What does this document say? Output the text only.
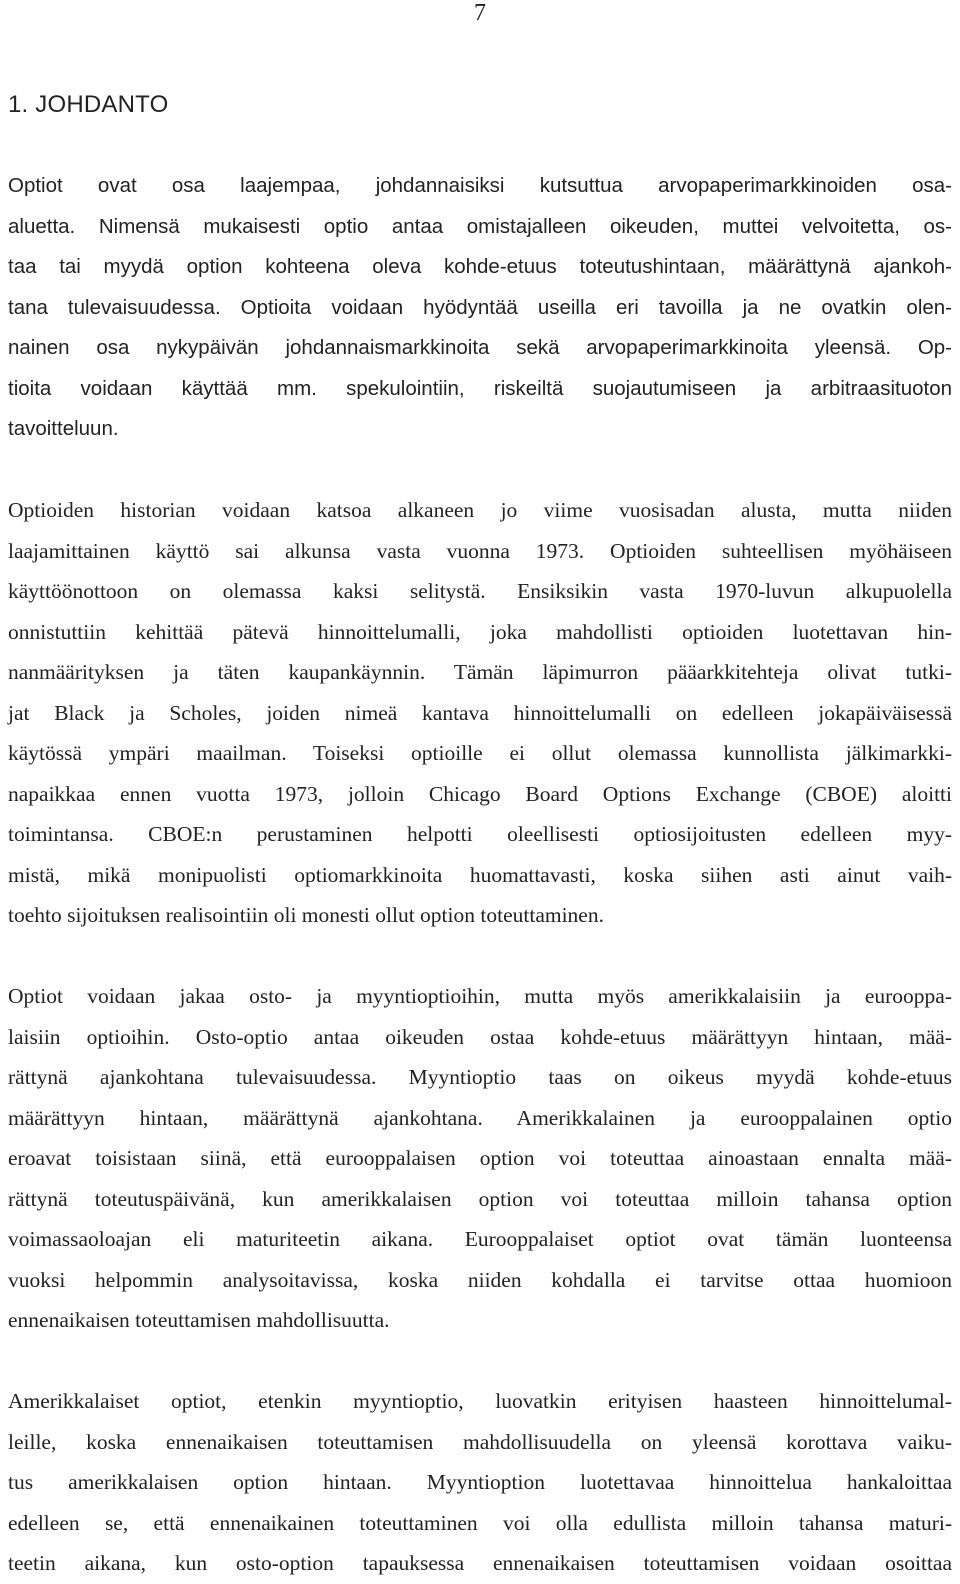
7
1. JOHDANTO
Optiot ovat osa laajempaa, johdannaisiksi kutsuttua arvopaperimarkkinoiden osa-
aluetta. Nimensä mukaisesti optio antaa omistajalleen oikeuden, muttei velvoitetta, os-
taa tai myydä option kohteena oleva kohde-etuus toteutushintaan, määrättynä ajankoh-
tana tulevaisuudessa. Optioita voidaan hyödyntää useilla eri tavoilla ja ne ovatkin olen-
nainen osa nykypäivän johdannaismarkkinoita sekä arvopaperimarkkinoita yleensä. Op-
tioita voidaan käyttää mm. spekulointiin, riskeiltä suojautumiseen ja arbitraasituoton
tavoitteluun.
Optioiden historian voidaan katsoa alkaneen jo viime vuosisadan alusta, mutta niiden
laajamittainen käyttö sai alkunsa vasta vuonna 1973. Optioiden suhteellisen myöhäiseen
käyttöönottoon on olemassa kaksi selitystä. Ensiksikin vasta 1970-luvun alkupuolella
onnistuttiin kehittää pätevä hinnoittelumalli, joka mahdollisti optioiden luotettavan hin-
nanmäärityksen ja täten kaupankäynnin. Tämän läpimurron pääarkkitehteja olivat tutki-
jat Black ja Scholes, joiden nimeä kantava hinnoittelumalli on edelleen jokapäiväisessä
käytössä ympäri maailman. Toiseksi optioille ei ollut olemassa kunnollista jälkimarkki-
napaikkaa ennen vuotta 1973, jolloin Chicago Board Options Exchange (CBOE) aloitti
toimintansa. CBOE:n perustaminen helpotti oleellisesti optiosijoitusten edelleen myy-
mistä, mikä monipuolisti optiomarkkinoita huomattavasti, koska siihen asti ainut vaih-
toehto sijoituksen realisointiin oli monesti ollut option toteuttaminen.
Optiot voidaan jakaa osto- ja myyntioptioihin, mutta myös amerikkalaisiin ja eurooppa-
laisiin optioihin. Osto-optio antaa oikeuden ostaa kohde-etuus määrättyyn hintaan, mää-
rättynä ajankohtana tulevaisuudessa. Myyntioptio taas on oikeus myydä kohde-etuus
määrättyyn hintaan, määrättynä ajankohtana. Amerikkalainen ja eurooppalainen optio
eroavat toisistaan siinä, että eurooppalaisen option voi toteuttaa ainoastaan ennalta mää-
rättynä toteutuspäivänä, kun amerikkalaisen option voi toteuttaa milloin tahansa option
voimassaoloajan eli maturiteetin aikana. Eurooppalaiset optiot ovat tämän luonteensa
vuoksi helpommin analysoitavissa, koska niiden kohdalla ei tarvitse ottaa huomioon
ennenaikaisen toteuttamisen mahdollisuutta.
Amerikkalaiset optiot, etenkin myyntioptio, luovatkin erityisen haasteen hinnoittelumal-
leille, koska ennenaikaisen toteuttamisen mahdollisuudella on yleensä korottava vaiku-
tus amerikkalaisen option hintaan. Myyntioption luotettavaa hinnoittelua hankaloittaa
edelleen se, että ennenaikainen toteuttaminen voi olla edullista milloin tahansa maturi-
teetin aikana, kun osto-option tapauksessa ennenaikaisen toteuttamisen voidaan osoittaa
